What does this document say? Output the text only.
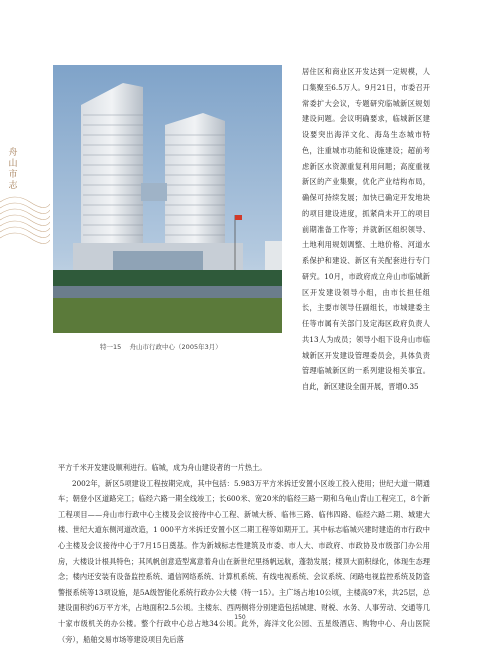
舟山市志
特一15 舟山市行政中心（2005年3月）

居住区和商业区开发达到一定规模，人口集聚至6.5万人。9月21日，市委召开常委扩大会议，专题研究临城新区规划建设问题。会议明确要求，临城新区建设要突出海洋文化、海岛生态城市特色，注重城市功能和设施建设；超前考虑新区水资源重复利用问题；高度重视新区的产业集聚，优化产业结构布局，确保可持续发展；加快已确定开发地块的项目建设进度，抓紧尚未开工的项目前期准备工作等；并就新区组织领导、土地利用规划调整、土地价格、河道水系保护和建设、新区有关配套进行专门研究。10月，市政府成立舟山市临城新区开发建设领导小组，由市长担任组长，主要市领导任副组长，市城建委主任等市属有关部门及定海区政府负责人共13人为成员；领导小组下设舟山市临城新区开发建设管理委员会，具体负责管理临城新区的一系列建设相关事宜。自此，新区建设全面开展，晋增0.35

平方千米开发建设顺利进行。临城，成为舟山建设者的一片热土。

2002年，新区5项建设工程按期完成，其中包括：5.983万平方米拆迁安置小区竣工投入使用；世纪大道一期通车；朝登小区道路完工；临经六路一期全线竣工；长600米、宽20米的临经三路一期和乌龟山背山工程完工，8个新工程项目——舟山市行政中心主楼及会议接待中心工程、新城大桥、临伟三路、临伟四路、临经六路二期、城建大楼、世纪大道东侧河道改造，1 000平方米拆迁安置小区二期工程等如期开工。其中标志临城兴建时建造的市行政中心主楼及会议接待中心于7月15日奠基。作为新城标志性建筑及市委、市人大、市政府、市政协及市级部门办公用房，大楼设计根具特色；其风帆创意造型寓意着舟山在新世纪里扬帆远航，蓬勃发展；楼顶大面积绿化，体现生态理念；楼内还安装有设备监控系统、通信网络系统、计算机系统、有线电视系统、会议系统、闭路电视监控系统及防盗警报系统等13项设施，是5A级智能化系统行政办公大楼（特一15）。主广场占地10公顷，主楼高97米，共25层，总建设面积约6万平方米，占地面积2.5公顷。主楼东、西两侧将分别建造包括城建、财税、水务、人事劳动、交通等几十家市级机关的办公楼。整个行政中心总占地34公顷。此外，海洋文化公园、五星级酒店、购物中心、舟山医院（旁），船舶交易市场等建设项目先后落

150
